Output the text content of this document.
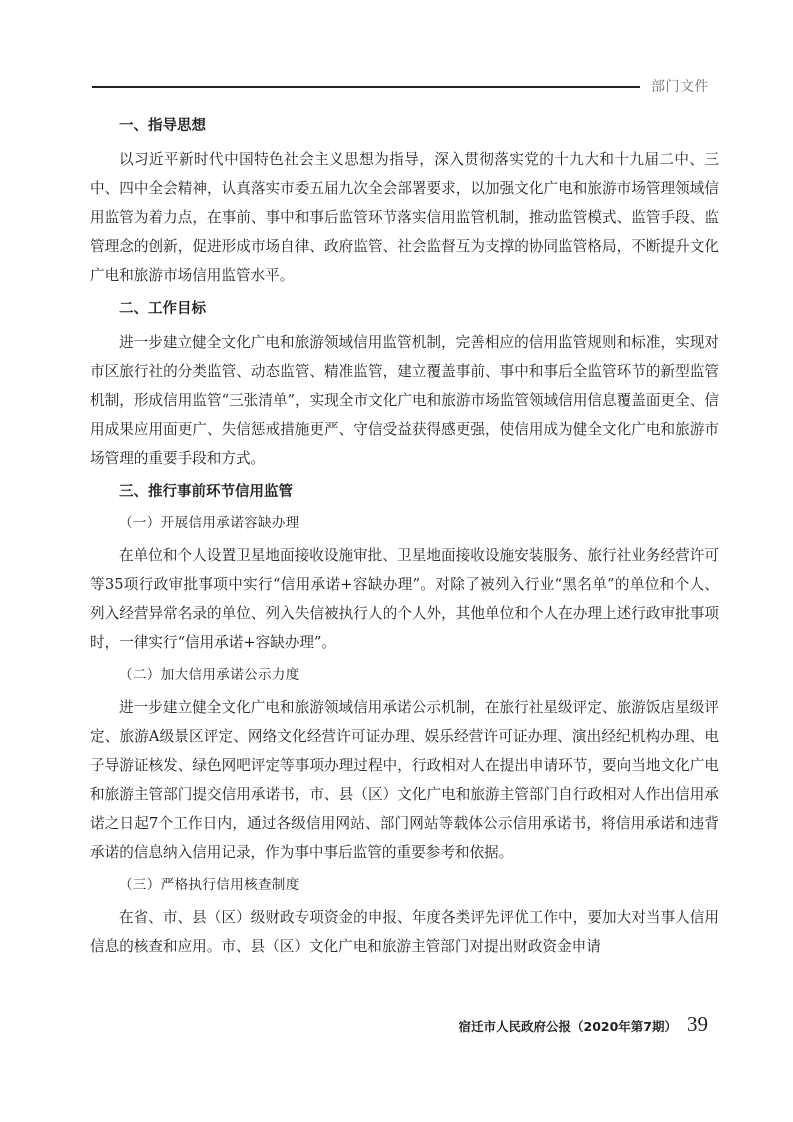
部门文件
一、指导思想

以习近平新时代中国特色社会主义思想为指导，深入贯彻落实党的十九大和十九届二中、三中、四中全会精神，认真落实市委五届九次全会部署要求，以加强文化广电和旅游市场管理领域信用监管为着力点，在事前、事中和事后监管环节落实信用监管机制，推动监管模式、监管手段、监管理念的创新，促进形成市场自律、政府监管、社会监督互为支撑的协同监管格局，不断提升文化广电和旅游市场信用监管水平。

二、工作目标

进一步建立健全文化广电和旅游领域信用监管机制，完善相应的信用监管规则和标准，实现对市区旅行社的分类监管、动态监管、精准监管，建立覆盖事前、事中和事后全监管环节的新型监管机制，形成信用监管“三张清单”，实现全市文化广电和旅游市场监管领域信用信息覆盖面更全、信用成果应用面更广、失信惩戒措施更严、守信受益获得感更强，使信用成为健全文化广电和旅游市场管理的重要手段和方式。

三、推行事前环节信用监管
（一）开展信用承诺容缺办理

在单位和个人设置卫星地面接收设施审批、卫星地面接收设施安装服务、旅行社业务经营许可等35项行政审批事项中实行“信用承诺+容缺办理”。对除了被列入行业“黑名单”的单位和个人、列入经营异常名录的单位、列入失信被执行人的个人外，其他单位和个人在办理上述行政审批事项时，一律实行“信用承诺+容缺办理”。

（二）加大信用承诺公示力度

进一步建立健全文化广电和旅游领域信用承诺公示机制，在旅行社星级评定、旅游饭店星级评定、旅游A级景区评定、网络文化经营许可证办理、娱乐经营许可证办理、演出经纪机构办理、电子导游证核发、绿色网吧评定等事项办理过程中，行政相对人在提出申请环节，要向当地文化广电和旅游主管部门提交信用承诺书，市、县（区）文化广电和旅游主管部门自行政相对人作出信用承诺之日起7个工作日内，通过各级信用网站、部门网站等载体公示信用承诺书，将信用承诺和违背承诺的信息纳入信用记录，作为事中事后监管的重要参考和依据。

（三）严格执行信用核查制度

在省、市、县（区）级财政专项资金的申报、年度各类评先评优工作中，要加大对当事人信用信息的核查和应用。市、县（区）文化广电和旅游主管部门对提出财政资金申请

宿迁市人民政府公报（2020年第7期） 39
